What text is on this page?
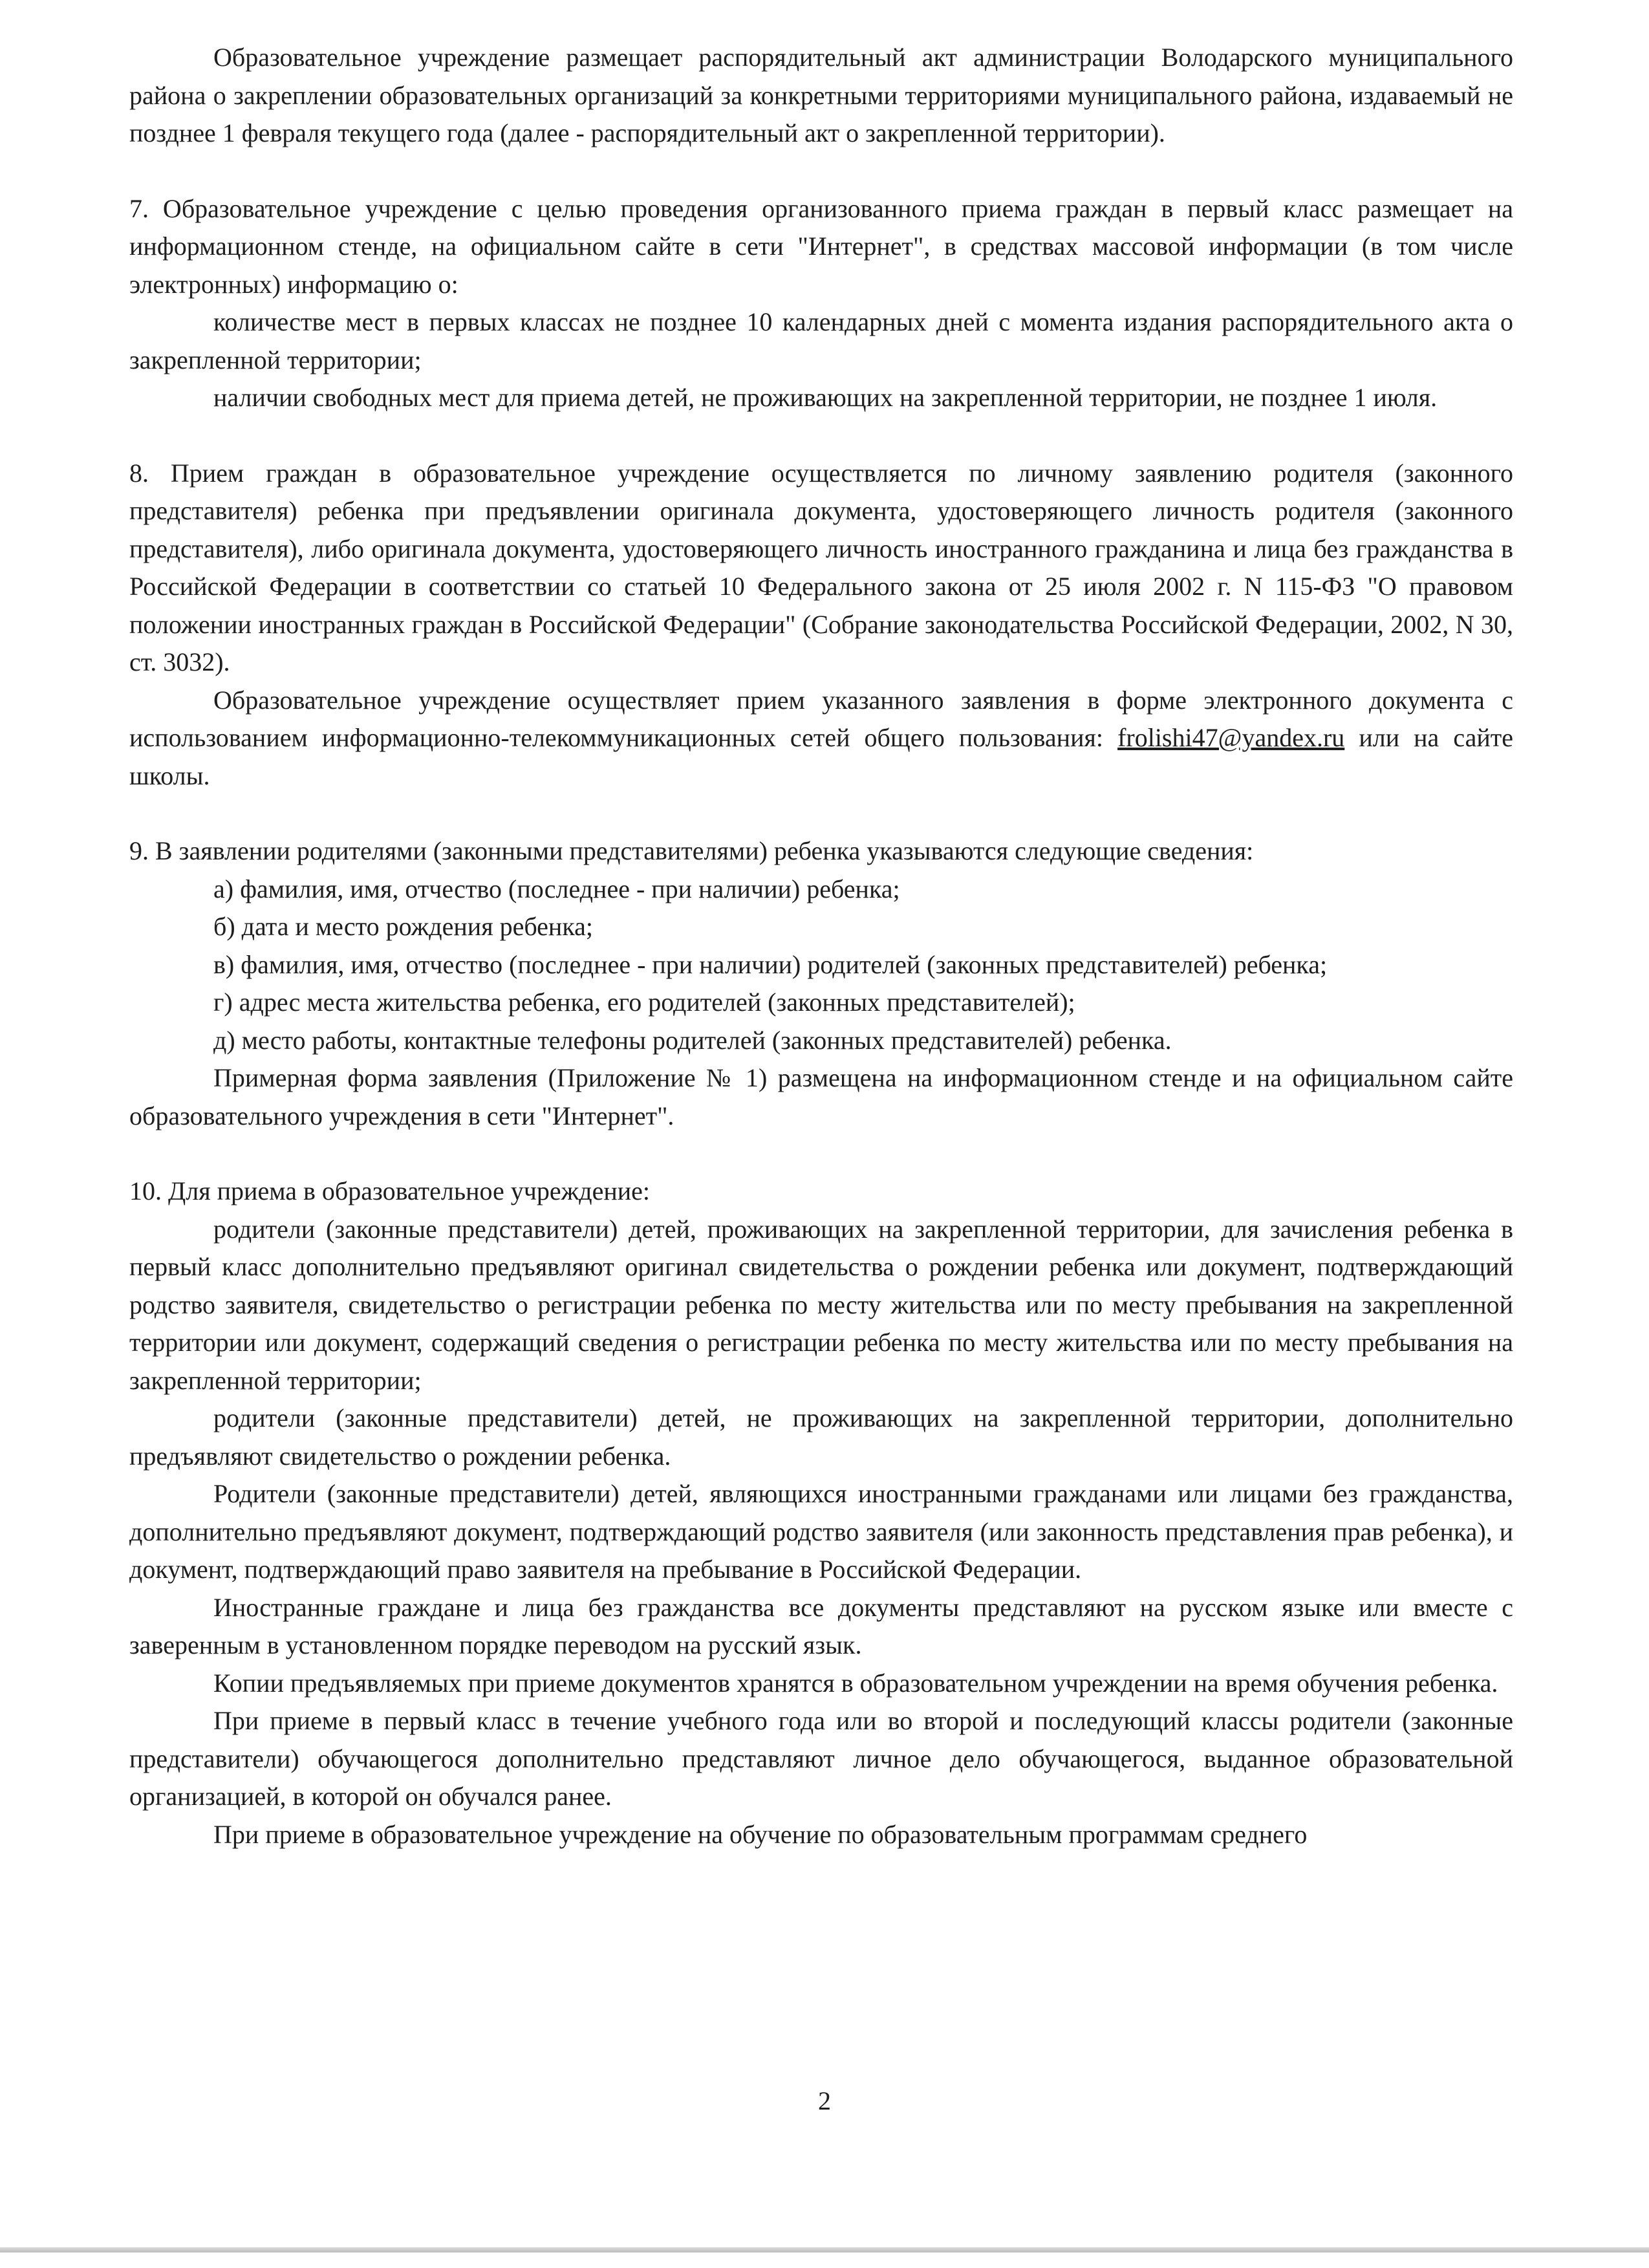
Образовательное учреждение размещает распорядительный акт администрации Володарского муниципального района о закреплении образовательных организаций за конкретными территориями муниципального района, издаваемый не позднее 1 февраля текущего года (далее - распорядительный акт о закрепленной территории).

7. Образовательное учреждение с целью проведения организованного приема граждан в первый класс размещает на информационном стенде, на официальном сайте в сети "Интернет", в средствах массовой информации (в том числе электронных) информацию о:

количестве мест в первых классах не позднее 10 календарных дней с момента издания распорядительного акта о закрепленной территории;

наличии свободных мест для приема детей, не проживающих на закрепленной территории, не позднее 1 июля.

8. Прием граждан в образовательное учреждение осуществляется по личному заявлению родителя (законного представителя) ребенка при предъявлении оригинала документа, удостоверяющего личность родителя (законного представителя), либо оригинала документа, удостоверяющего личность иностранного гражданина и лица без гражданства в Российской Федерации в соответствии со статьей 10 Федерального закона от 25 июля 2002 г. N 115-ФЗ "О правовом положении иностранных граждан в Российской Федерации" (Собрание законодательства Российской Федерации, 2002, N 30, ст. 3032).

Образовательное учреждение осуществляет прием указанного заявления в форме электронного документа с использованием информационно-телекоммуникационных сетей общего пользования: frolishi47@yandex.ru или на сайте школы.

9. В заявлении родителями (законными представителями) ребенка указываются следующие сведения:

а) фамилия, имя, отчество (последнее - при наличии) ребенка;

б) дата и место рождения ребенка;

в) фамилия, имя, отчество (последнее - при наличии) родителей (законных представителей) ребенка;

г) адрес места жительства ребенка, его родителей (законных представителей);

д) место работы, контактные телефоны родителей (законных представителей) ребенка.

Примерная форма заявления (Приложение № 1) размещена на информационном стенде и на официальном сайте образовательного учреждения в сети "Интернет".

10. Для приема в образовательное учреждение:

родители (законные представители) детей, проживающих на закрепленной территории, для зачисления ребенка в первый класс дополнительно предъявляют оригинал свидетельства о рождении ребенка или документ, подтверждающий родство заявителя, свидетельство о регистрации ребенка по месту жительства или по месту пребывания на закрепленной территории или документ, содержащий сведения о регистрации ребенка по месту жительства или по месту пребывания на закрепленной территории;

родители (законные представители) детей, не проживающих на закрепленной территории, дополнительно предъявляют свидетельство о рождении ребенка.

Родители (законные представители) детей, являющихся иностранными гражданами или лицами без гражданства, дополнительно предъявляют документ, подтверждающий родство заявителя (или законность представления прав ребенка), и документ, подтверждающий право заявителя на пребывание в Российской Федерации.

Иностранные граждане и лица без гражданства все документы представляют на русском языке или вместе с заверенным в установленном порядке переводом на русский язык.

Копии предъявляемых при приеме документов хранятся в образовательном учреждении на время обучения ребенка.

При приеме в первый класс в течение учебного года или во второй и последующий классы родители (законные представители) обучающегося дополнительно представляют личное дело обучающегося, выданное образовательной организацией, в которой он обучался ранее.

При приеме в образовательное учреждение на обучение по образовательным программам среднего

2
